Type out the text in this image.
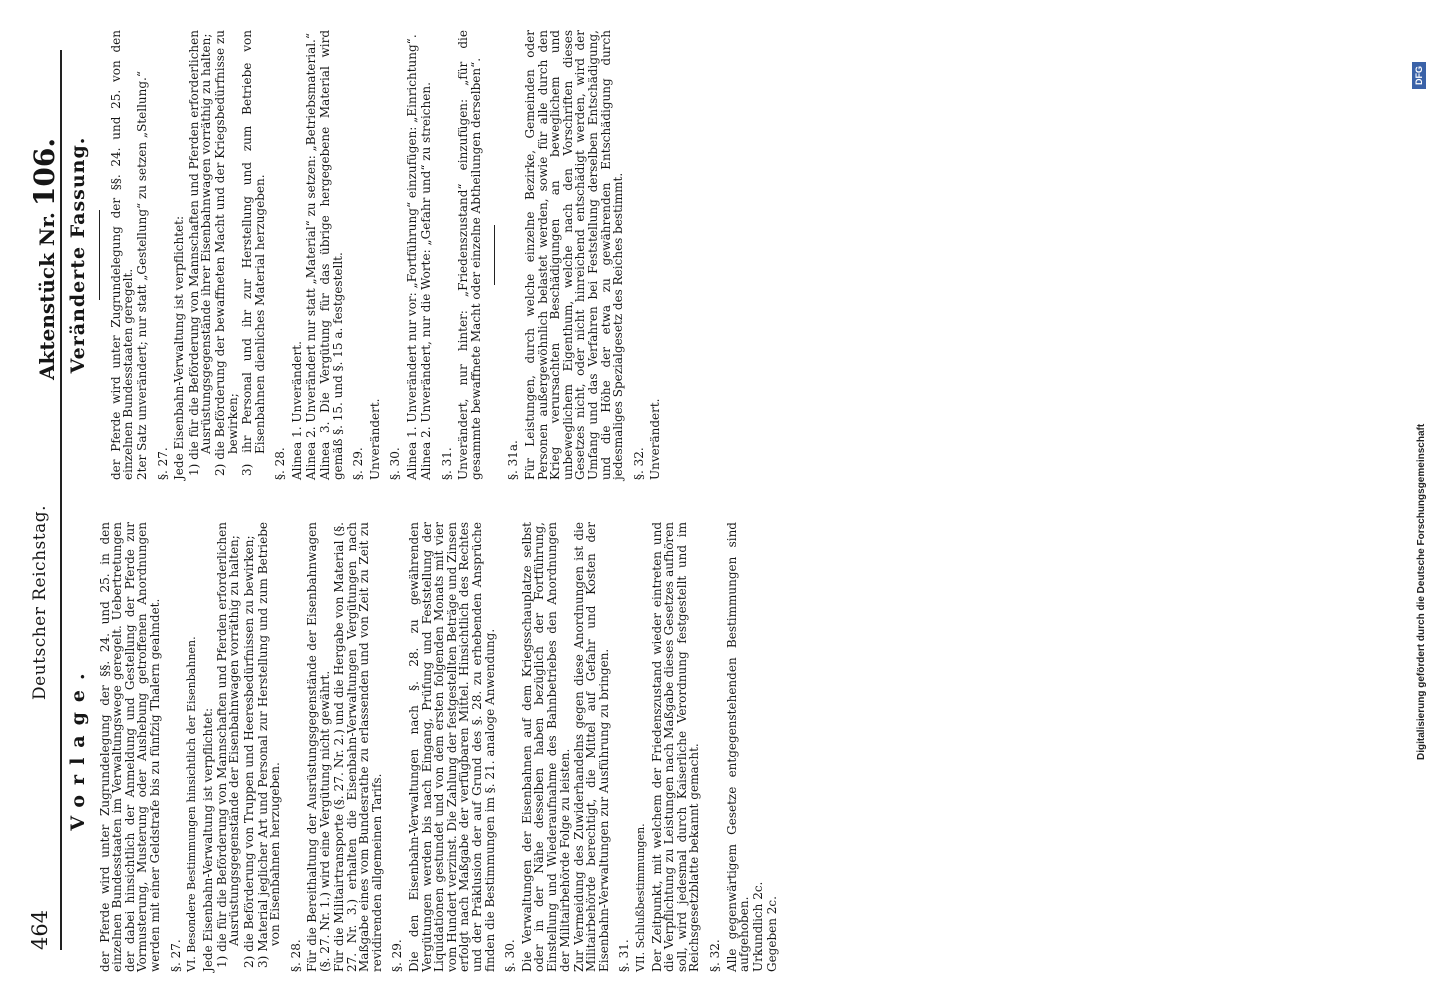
464
Deutscher Reichstag.
Aktenstück Nr.106.
Vorlage. der Pferde wird unter Zugrundelegung der §§. 24. und 25. in den einzelnen Bundesstaaten im Verwaltungswege geregelt. Uebertretungen der dabei hinsichtlich der Anmeldung und Gestellung der Pferde zur Vormusterung, Musterung oder Aushebung getroffenen Anordnungen werden mit einer Geldstrafe bis zu fünfzig Thalern geahndet. §. 27. VI. Besondere Bestimmungen hinsichtlich der Eisenbahnen. Jede Eisenbahn-Verwaltung ist verpflichtet: 1) die für die Beförderung von Mannschaften und Pferden erforderlichen Ausrüstungsgegenstände der Eisenbahnwagen vorräthig zu halten; 2) die Beförderung von Truppen und Heeresbedürfnissen zu bewirken; 3) Material jeglicher Art und Personal zur Herstellung und zum Betriebe von Eisenbahnen herzugeben.

§. 28. Für die Bereithaltung der Ausrüstungsgegenstände der Eisenbahnwagen (§. 27. Nr. 1.) wird eine Vergütung nicht gewährt. Für die Militairtransporte (§. 27. Nr. 2.) und die Hergabe von Material (§. 27. Nr. 3.) erhalten die Eisenbahn-Verwaltungen Vergütungen nach Maßgabe eines vom Bundesrathe zu erlassenden und von Zeit zu Zeit zu revidirenden allgemeinen Tarifs. §. 29. Die den Eisenbahn-Verwaltungen nach §. 28. zu gewährenden Vergütungen werden bis nach Eingang, Prüfung und Feststellung der Liquidationen gestundet und von dem ersten folgenden Monats mit vier vom Hundert verzinst. Die Zahlung der festgestellten Beträge und Zinsen erfolgt nach Maßgabe der verfügbaren Mittel. Hinsichtlich des Rechtes und der Präklusion der auf Grund des §. 28. zu erhebenden Ansprüche finden die Bestimmungen im §. 21. analoge Anwendung. §. 30. Die Verwaltungen der Eisenbahnen auf dem Kriegsschauplatze selbst oder in der Nähe desselben haben bezüglich der Fortführung, Einstellung und Wiederaufnahme des Bahnbetriebes den Anordnungen der Militairbehörde Folge zu leisten. Zur Vermeidung des Zuwiderhandelns gegen diese Anordnungen ist die Militairbehörde berechtigt, die Mittel auf Gefahr und Kosten der Eisenbahn-Verwaltungen zur Ausführung zu bringen. §. 31. VII. Schlußbestimmungen. Der Zeitpunkt, mit welchem der Friedenszustand wieder eintreten und die Verpflichtung zu Leistungen nach Maßgabe dieses Gesetzes aufhören soll, wird jedesmal durch Kaiserliche Verordnung festgestellt und im Reichsgesetzblatte bekannt gemacht. §. 32. Alle gegenwärtigem Gesetze entgegenstehenden Bestimmungen sind aufgehoben. Urkundlich 2c. Gegeben 2c.

Veränderte Fassung. der Pferde wird unter Zugrundelegung der §§. 24. und 25. von den einzelnen Bundesstaaten geregelt. 2ter Satz unverändert; nur statt „Gestellung“ zu setzen „Stellung.“ §. 27. Jede Eisenbahn-Verwaltung ist verpflichtet: 1) die für die Beförderung von Mannschaften und Pferden erforderlichen Ausrüstungsgegenstände ihrer Eisenbahnwagen vorräthig zu halten; 2) die Beförderung der bewaffneten Macht und der Kriegsbedürfnisse zu bewirken; 3) ihr Personal und ihr zur Herstellung und zum Betriebe von Eisenbahnen dienliches Material herzugeben.

§. 28. Alinea 1. Unverändert. Alinea 2. Unverändert nur statt „Material“ zu setzen: „Betriebsmaterial.“ Alinea 3. Die Vergütung für das übrige hergegebene Material wird gemäß §. 15. und §. 15 a. festgestellt. §. 29. Unverändert. §. 30. Alinea 1. Unverändert nur vor: „Fortführung“ einzufügen: „Einrichtung“. Alinea 2. Unverändert, nur die Worte: „Gefahr und“ zu streichen. §. 31. Unverändert, nur hinter: „Friedenszustand“ einzufügen: „für die gesammte bewaffnete Macht oder einzelne Abtheilungen derselben“. §. 31a. Für Leistungen, durch welche einzelne Bezirke, Gemeinden oder Personen außergewöhnlich belastet werden, sowie für alle durch den Krieg verursachten Beschädigungen an beweglichem und unbeweglichem Eigenthum, welche nach den Vorschriften dieses Gesetzes nicht, oder nicht hinreichend entschädigt werden, wird der Umfang und das Verfahren bei Feststellung derselben Entschädigung, und die Höhe der etwa zu gewährenden Entschädigung durch jedesmaliges Spezialgesetz des Reiches bestimmt. §. 32. Unverändert.	Digitalisierung gefördert durch die Deutsche Forschungsgemeinschaft
DFG
